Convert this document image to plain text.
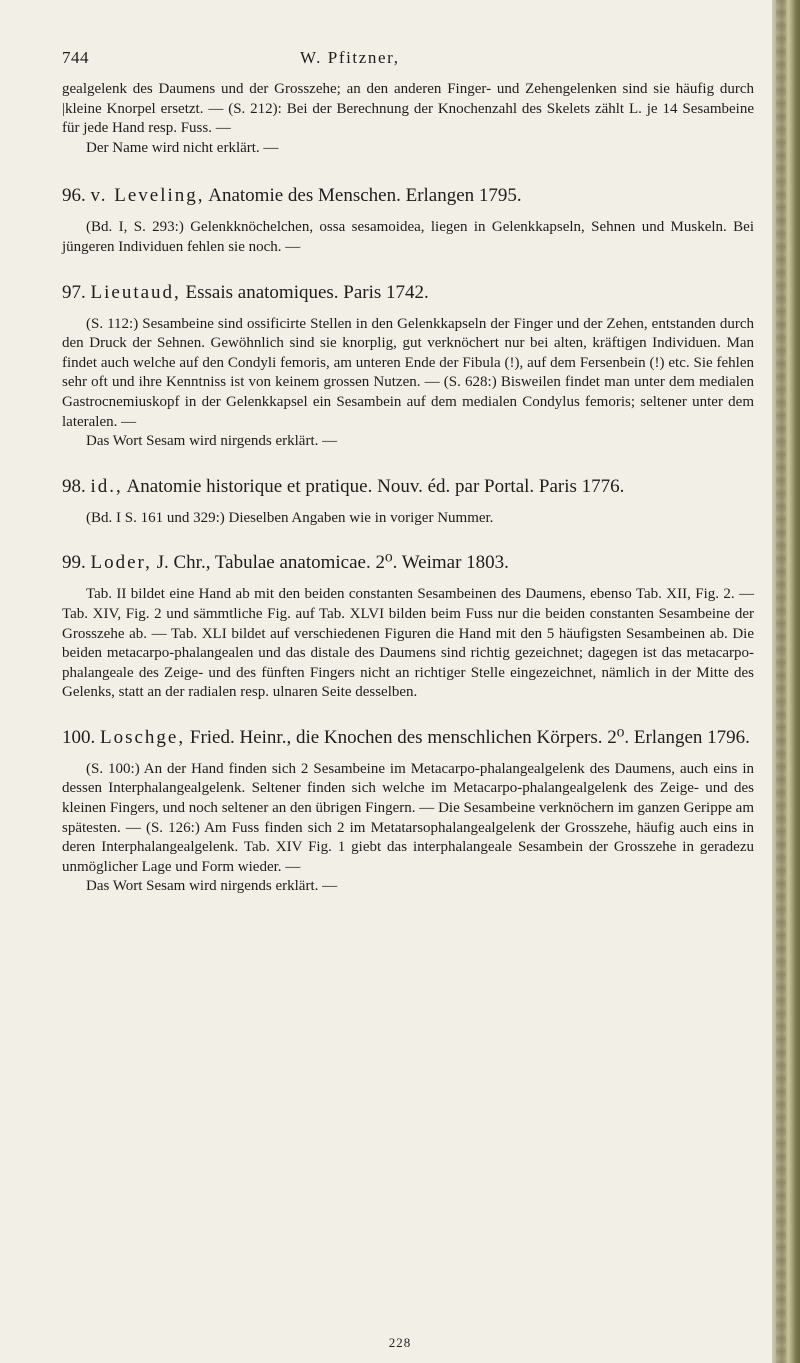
744	W. Pfitzner,

gealgelenk des Daumens und der Grosszehe; an den anderen Finger- und Zehengelenken sind sie häufig durch |kleine Knorpel ersetzt. — (S. 212): Bei der Berechnung der Knochenzahl des Skelets zählt L. je 14 Sesambeine für jede Hand resp. Fuss. —

Der Name wird nicht erklärt. —

96. v. Leveling, Anatomie des Menschen. Erlangen 1795.

(Bd. I, S. 293:) Gelenkknöchelchen, ossa sesamoidea, liegen in Gelenkkapseln, Sehnen und Muskeln. Bei jüngeren Individuen fehlen sie noch. —

97. Lieutaud, Essais anatomiques. Paris 1742.

(S. 112:) Sesambeine sind ossificirte Stellen in den Gelenkkapseln der Finger und der Zehen, entstanden durch den Druck der Sehnen. Gewöhnlich sind sie knorplig, gut verknöchert nur bei alten, kräftigen Individuen. Man findet auch welche auf den Condyli femoris, am unteren Ende der Fibula (!), auf dem Fersenbein (!) etc. Sie fehlen sehr oft und ihre Kenntniss ist von keinem grossen Nutzen. — (S. 628:) Bisweilen findet man unter dem medialen Gastrocnemiuskopf in der Gelenkkapsel ein Sesambein auf dem medialen Condylus femoris; seltener unter dem lateralen. —

Das Wort Sesam wird nirgends erklärt. —

98. id., Anatomie historique et pratique. Nouv. éd. par Portal. Paris 1776.

(Bd. I S. 161 und 329:) Dieselben Angaben wie in voriger Nummer.

99. Loder, J. Chr., Tabulae anatomicae. 2⁰. Weimar 1803.

Tab. II bildet eine Hand ab mit den beiden constanten Sesambeinen des Daumens, ebenso Tab. XII, Fig. 2. — Tab. XIV, Fig. 2 und sämmtliche Fig. auf Tab. XLVI bilden beim Fuss nur die beiden constanten Sesambeine der Grosszehe ab. — Tab. XLI bildet auf verschiedenen Figuren die Hand mit den 5 häufigsten Sesambeinen ab. Die beiden metacarpo-phalangealen und das distale des Daumens sind richtig gezeichnet; dagegen ist das metacarpo-phalangeale des Zeige- und des fünften Fingers nicht an richtiger Stelle eingezeichnet, nämlich in der Mitte des Gelenks, statt an der radialen resp. ulnaren Seite desselben.

100. Loschge, Fried. Heinr., die Knochen des menschlichen Körpers. 2⁰. Erlangen 1796.

(S. 100:) An der Hand finden sich 2 Sesambeine im Metacarpo-phalangealgelenk des Daumens, auch eins in dessen Interphalangealgelenk. Seltener finden sich welche im Metacarpo-phalangealgelenk des Zeige- und des kleinen Fingers, und noch seltener an den übrigen Fingern. — Die Sesambeine verknöchern im ganzen Gerippe am spätesten. — (S. 126:) Am Fuss finden sich 2 im Metatarsophalangealgelenk der Grosszehe, häufig auch eins in deren Interphalangealgelenk. Tab. XIV Fig. 1 giebt das interphalangeale Sesambein der Grosszehe in geradezu unmöglicher Lage und Form wieder. —

Das Wort Sesam wird nirgends erklärt. —

228
